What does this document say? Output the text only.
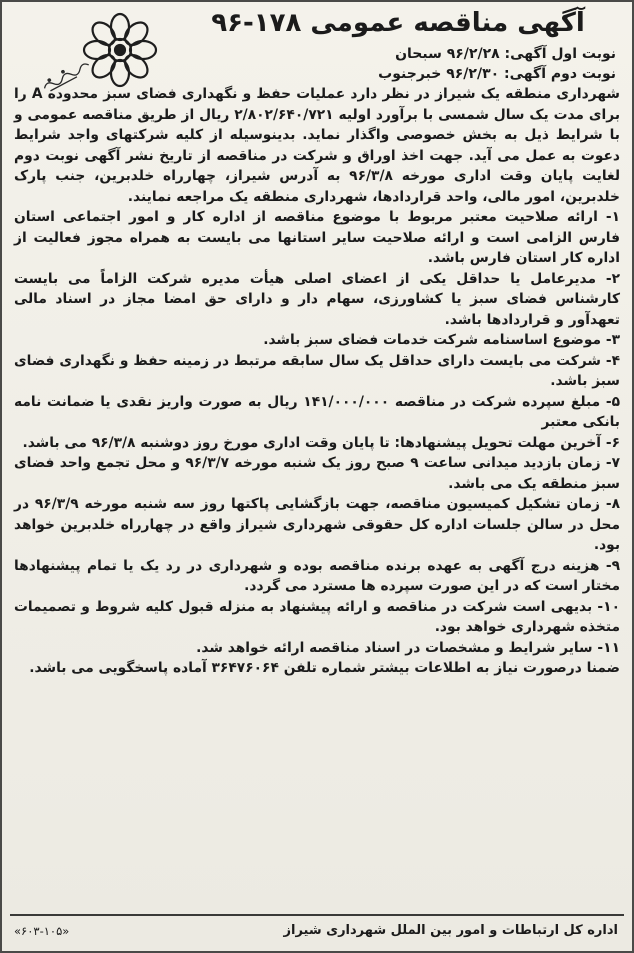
آگهی مناقصه عمومی ۱۷۸-۹۶
نوبت اول آگهی: ۹۶/۲/۲۸ سبحان
نوبت دوم آگهی: ۹۶/۲/۳۰ خبرجنوب

شهرداری منطقه یک شیراز در نظر دارد عملیات حفظ و نگهداری فضای سبز محدوده A را برای مدت یک سال شمسی با برآورد اولیه ۲/۸۰۲/۶۴۰/۷۲۱ ریال از طریق مناقصه عمومی و با شرایط ذیل به بخش خصوصی واگذار نماید. بدینوسیله از کلیه شرکتهای واجد شرایط دعوت به عمل می آید. جهت اخذ اوراق و شرکت در مناقصه از تاریخ نشر آگهی نوبت دوم لغایت پایان وقت اداری مورخه ۹۶/۳/۸ به آدرس شیراز، چهارراه خلدبرین، جنب پارک خلدبرین، امور مالی، واحد قراردادها، شهرداری منطقه یک مراجعه نمایند.

۱- ارائه صلاحیت معتبر مربوط با موضوع مناقصه از اداره کار و امور اجتماعی استان فارس الزامی است و ارائه صلاحیت سایر استانها می بایست به همراه مجوز فعالیت از اداره کار استان فارس باشد.

۲- مدیرعامل یا حداقل یکی از اعضای اصلی هیأت مدیره شرکت الزاماً می بایست کارشناس فضای سبز یا کشاورزی، سهام دار و دارای حق امضا مجاز در اسناد مالی تعهدآور و قراردادها باشد.

۳- موضوع اساسنامه شرکت خدمات فضای سبز باشد.

۴- شرکت می بایست دارای حداقل یک سال سابقه مرتبط در زمینه حفظ و نگهداری فضای سبز باشد.

۵- مبلغ سپرده شرکت در مناقصه ۱۴۱/۰۰۰/۰۰۰ ریال به صورت واریز نقدی یا ضمانت نامه بانکی معتبر

۶- آخرین مهلت تحویل پیشنهادها: تا پایان وقت اداری مورخ روز دوشنبه ۹۶/۳/۸ می باشد.

۷- زمان بازدید میدانی ساعت ۹ صبح روز یک شنبه مورخه ۹۶/۳/۷ و محل تجمع واحد فضای سبز منطقه یک می باشد.

۸- زمان تشکیل کمیسیون مناقصه، جهت بازگشایی پاکتها روز سه شنبه مورخه ۹۶/۳/۹ در محل در سالن جلسات اداره کل حقوقی شهرداری شیراز واقع در چهارراه خلدبرین خواهد بود.

۹- هزینه درج آگهی به عهده برنده مناقصه بوده و شهرداری در رد یک یا تمام پیشنهادها مختار است که در این صورت سپرده ها مسترد می گردد.

۱۰- بدیهی است شرکت در مناقصه و ارائه پیشنهاد به منزله قبول کلیه شروط و تصمیمات متخذه شهرداری خواهد بود.

۱۱- سایر شرایط و مشخصات در اسناد مناقصه ارائه خواهد شد.

ضمنا درصورت نیاز به اطلاعات بیشتر شماره تلفن ۳۶۴۷۶۰۶۴ آماده پاسخگویی می باشد.

اداره کل ارتباطات و امور بین الملل شهرداری شیراز
«۶۰۳-۱۰۵»
